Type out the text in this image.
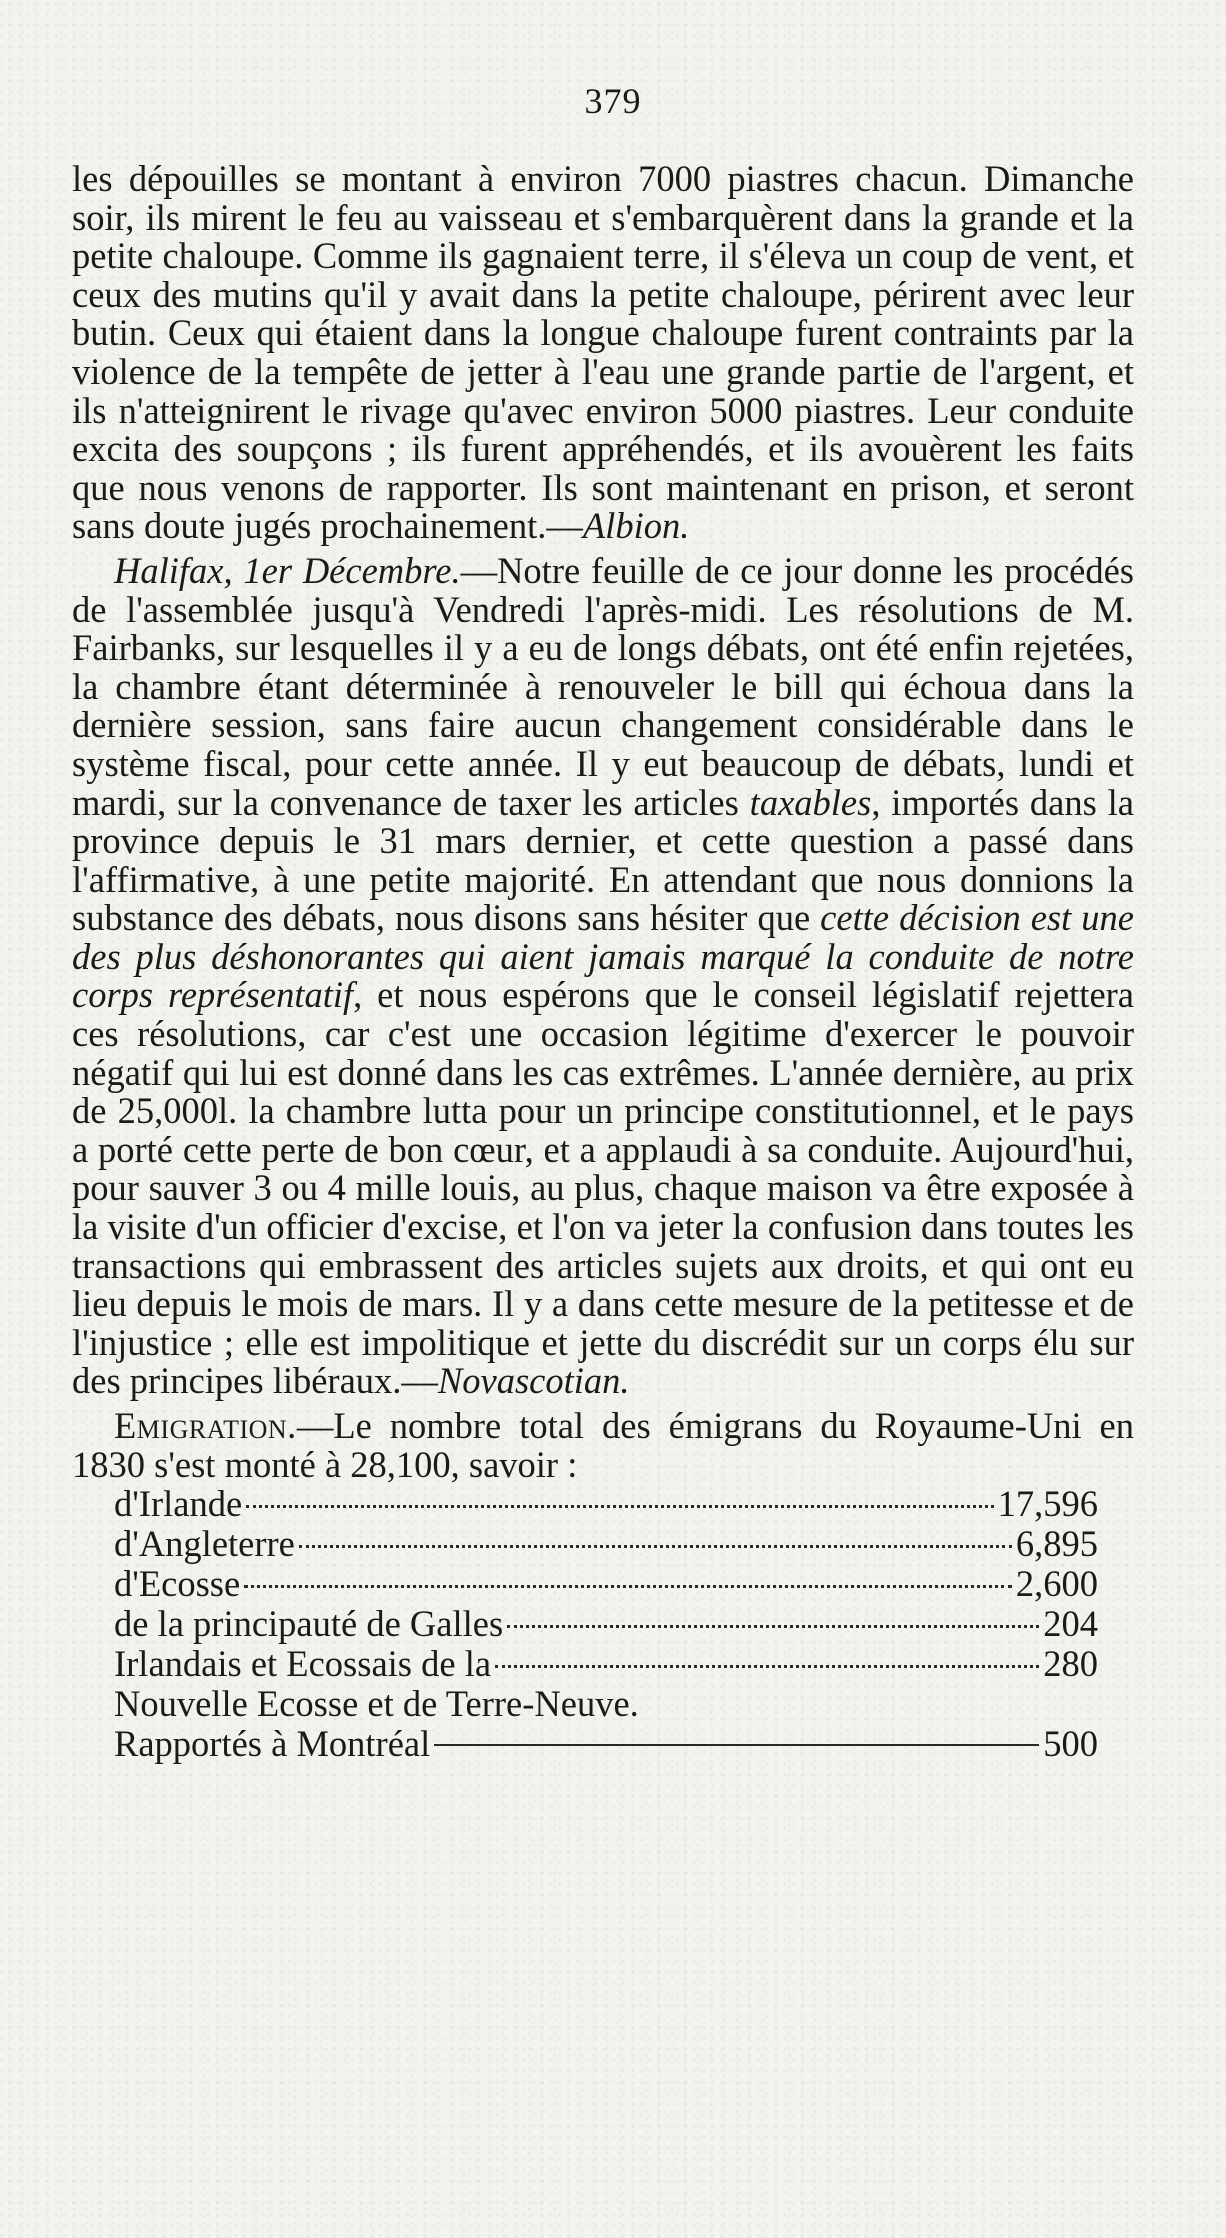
379

les dépouilles se montant à environ 7000 piastres chacun. Dimanche soir, ils mirent le feu au vaisseau et s'embarquèrent dans la grande et la petite chaloupe. Comme ils gagnaient terre, il s'éleva un coup de vent, et ceux des mutins qu'il y avait dans la petite chaloupe, périrent avec leur butin. Ceux qui étaient dans la longue chaloupe furent contraints par la violence de la tempête de jetter à l'eau une grande partie de l'argent, et ils n'atteignirent le rivage qu'avec environ 5000 piastres. Leur conduite excita des soupçons ; ils furent appréhendés, et ils avouèrent les faits que nous venons de rapporter. Ils sont maintenant en prison, et seront sans doute jugés prochainement.—Albion.

Halifax, 1er Décembre.—Notre feuille de ce jour donne les procédés de l'assemblée jusqu'à Vendredi l'après-midi. Les résolutions de M. Fairbanks, sur lesquelles il y a eu de longs débats, ont été enfin rejetées, la chambre étant déterminée à renouveler le bill qui échoua dans la dernière session, sans faire aucun changement considérable dans le système fiscal, pour cette année. Il y eut beaucoup de débats, lundi et mardi, sur la convenance de taxer les articles taxables, importés dans la province depuis le 31 mars dernier, et cette question a passé dans l'affirmative, à une petite majorité. En attendant que nous donnions la substance des débats, nous disons sans hésiter que cette décision est une des plus déshonorantes qui aient jamais marqué la conduite de notre corps représentatif, et nous espérons que le conseil législatif rejettera ces résolutions, car c'est une occasion légitime d'exercer le pouvoir négatif qui lui est donné dans les cas extrêmes. L'année dernière, au prix de 25,000l. la chambre lutta pour un principe constitutionnel, et le pays a porté cette perte de bon cœur, et a applaudi à sa conduite. Aujourd'hui, pour sauver 3 ou 4 mille louis, au plus, chaque maison va être exposée à la visite d'un officier d'excise, et l'on va jeter la confusion dans toutes les transactions qui embrassent des articles sujets aux droits, et qui ont eu lieu depuis le mois de mars. Il y a dans cette mesure de la petitesse et de l'injustice ; elle est impolitique et jette du discrédit sur un corps élu sur des principes libéraux.—Novascotian.

Emigration.—Le nombre total des émigrans du Royaume-Uni en 1830 s'est monté à 28,100, savoir :

d'Irlande	17,596
d'Angleterre	6,895
d'Ecosse	2,600
de la principauté de Galles	204
Irlandais et Ecossais de la	280
Nouvelle Ecosse et de Terre-Neuve.
Rapportés à Montréal	500
